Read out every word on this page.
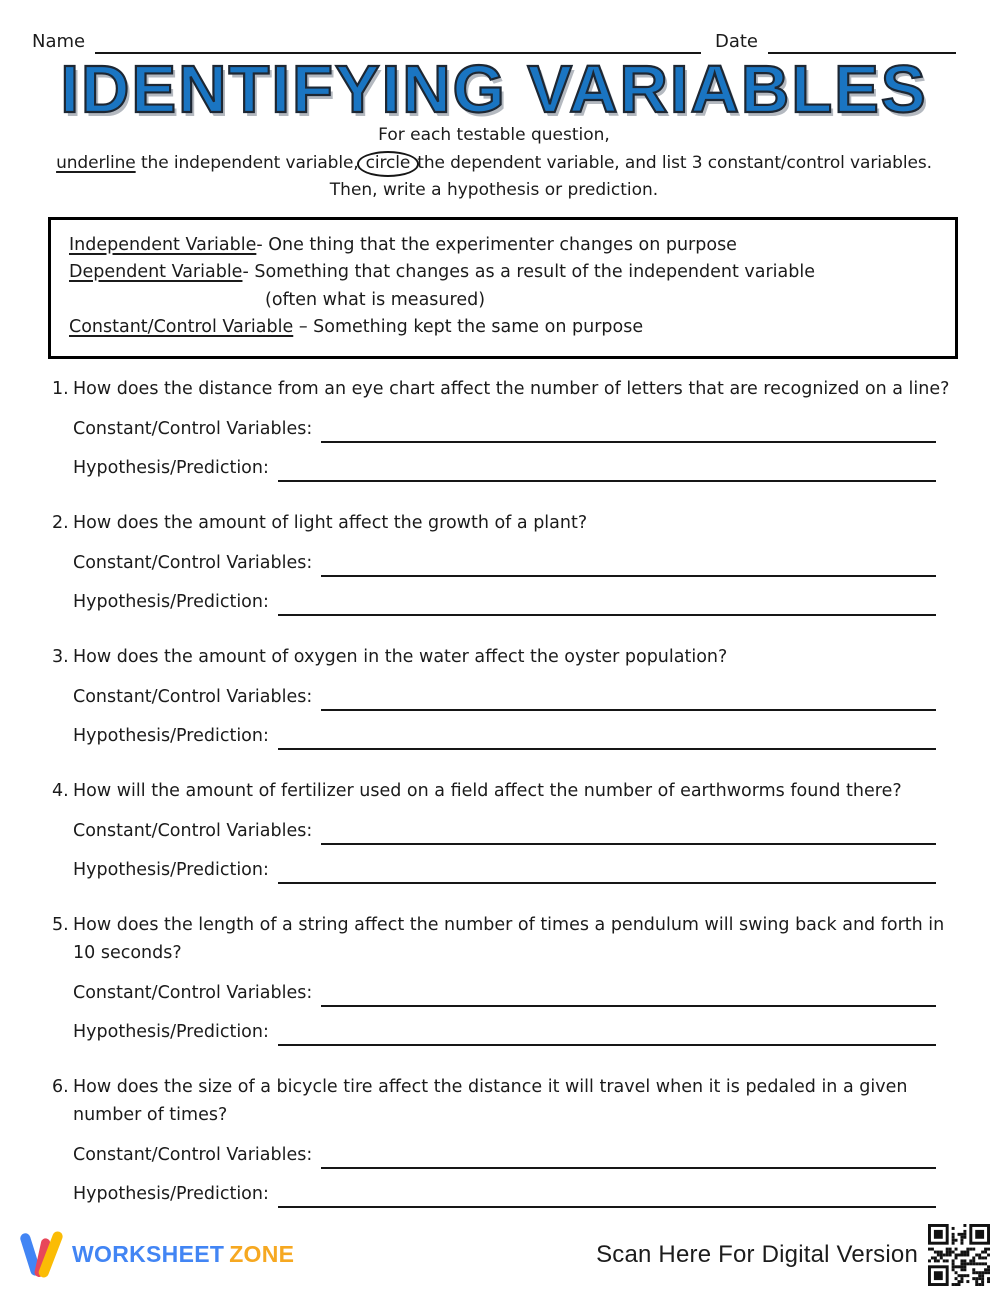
Name	Date
IDENTIFYING VARIABLES
For each testable question,
underline the independent variable, circle the dependent variable, and list 3 constant/control variables.
Then, write a hypothesis or prediction.
Independent Variable- One thing that the experimenter changes on purpose
Dependent Variable- Something that changes as a result of the independent variable
(often what is measured)
Constant/Control Variable – Something kept the same on purpose
1. How does the distance from an eye chart affect the number of letters that are recognized on a line?
Constant/Control Variables:
Hypothesis/Prediction:
2. How does the amount of light affect the growth of a plant?
Constant/Control Variables:
Hypothesis/Prediction:
3. How does the amount of oxygen in the water affect the oyster population?
Constant/Control Variables:
Hypothesis/Prediction:
4. How will the amount of fertilizer used on a field affect the number of earthworms found there?
Constant/Control Variables:
Hypothesis/Prediction:
5. How does the length of a string affect the number of times a pendulum will swing back and forth in 10 seconds?
Constant/Control Variables:
Hypothesis/Prediction:
6. How does the size of a bicycle tire affect the distance it will travel when it is pedaled in a given number of times?
Constant/Control Variables:
Hypothesis/Prediction:
WORKSHEET ZONE	Scan Here For Digital Version
